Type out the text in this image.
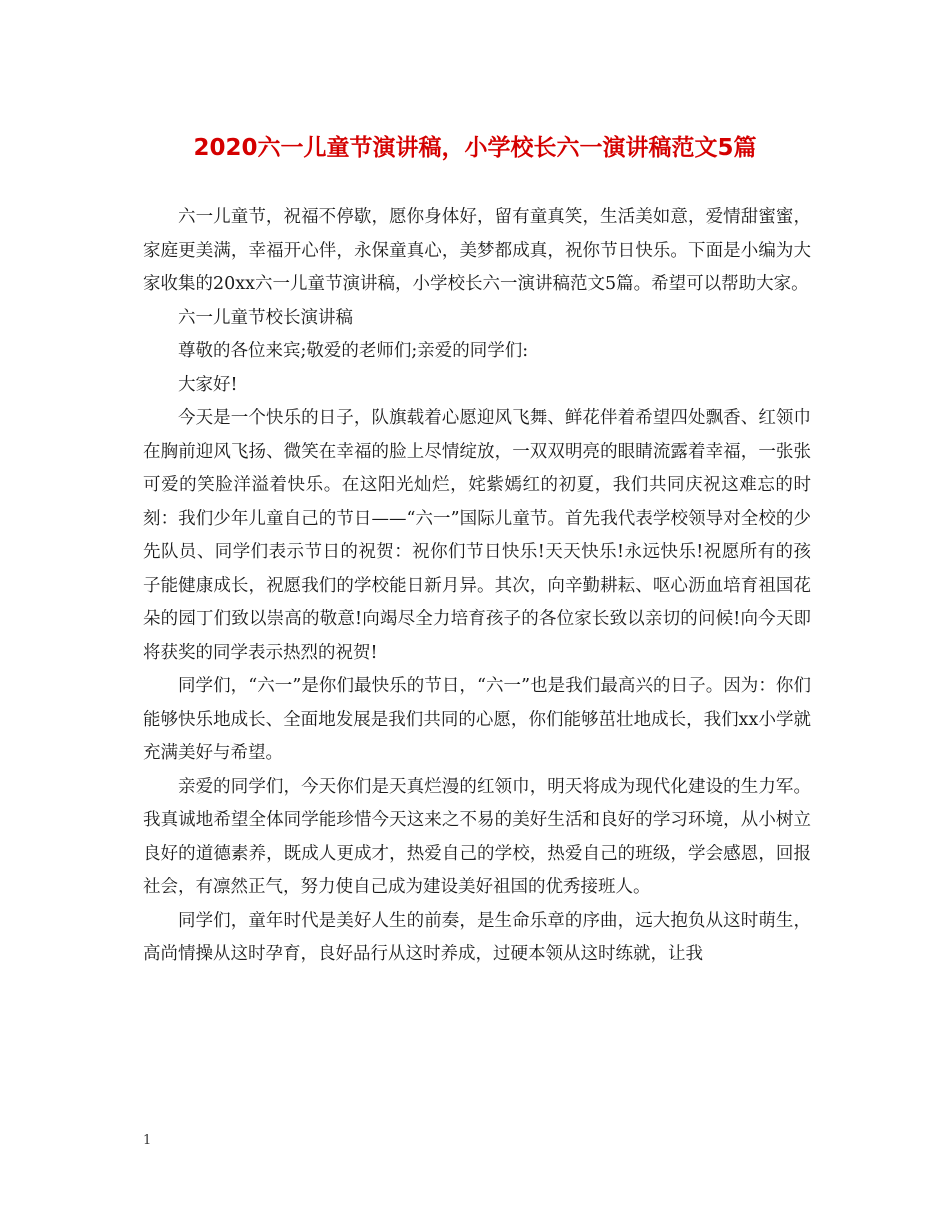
2020六一儿童节演讲稿，小学校长六一演讲稿范文5篇

六一儿童节，祝福不停歇，愿你身体好，留有童真笑，生活美如意，爱情甜蜜蜜，家庭更美满，幸福开心伴，永保童真心，美梦都成真，祝你节日快乐。下面是小编为大家收集的20xx六一儿童节演讲稿，小学校长六一演讲稿范文5篇。希望可以帮助大家。

六一儿童节校长演讲稿

尊敬的各位来宾;敬爱的老师们;亲爱的同学们:

大家好!

今天是一个快乐的日子，队旗载着心愿迎风飞舞、鲜花伴着希望四处飘香、红领巾在胸前迎风飞扬、微笑在幸福的脸上尽情绽放，一双双明亮的眼睛流露着幸福，一张张可爱的笑脸洋溢着快乐。在这阳光灿烂，姹紫嫣红的初夏，我们共同庆祝这难忘的时刻：我们少年儿童自己的节日——“六一”国际儿童节。首先我代表学校领导对全校的少先队员、同学们表示节日的祝贺：祝你们节日快乐!天天快乐!永远快乐!祝愿所有的孩子能健康成长，祝愿我们的学校能日新月异。其次，向辛勤耕耘、呕心沥血培育祖国花朵的园丁们致以崇高的敬意!向竭尽全力培育孩子的各位家长致以亲切的问候!向今天即将获奖的同学表示热烈的祝贺!

同学们，“六一”是你们最快乐的节日，“六一”也是我们最高兴的日子。因为：你们能够快乐地成长、全面地发展是我们共同的心愿，你们能够茁壮地成长，我们xx小学就充满美好与希望。

亲爱的同学们，今天你们是天真烂漫的红领巾，明天将成为现代化建设的生力军。我真诚地希望全体同学能珍惜今天这来之不易的美好生活和良好的学习环境，从小树立良好的道德素养，既成人更成才，热爱自己的学校，热爱自己的班级，学会感恩，回报社会，有凛然正气，努力使自己成为建设美好祖国的优秀接班人。

同学们，童年时代是美好人生的前奏，是生命乐章的序曲，远大抱负从这时萌生，高尚情操从这时孕育，良好品行从这时养成，过硬本领从这时练就，让我

1
